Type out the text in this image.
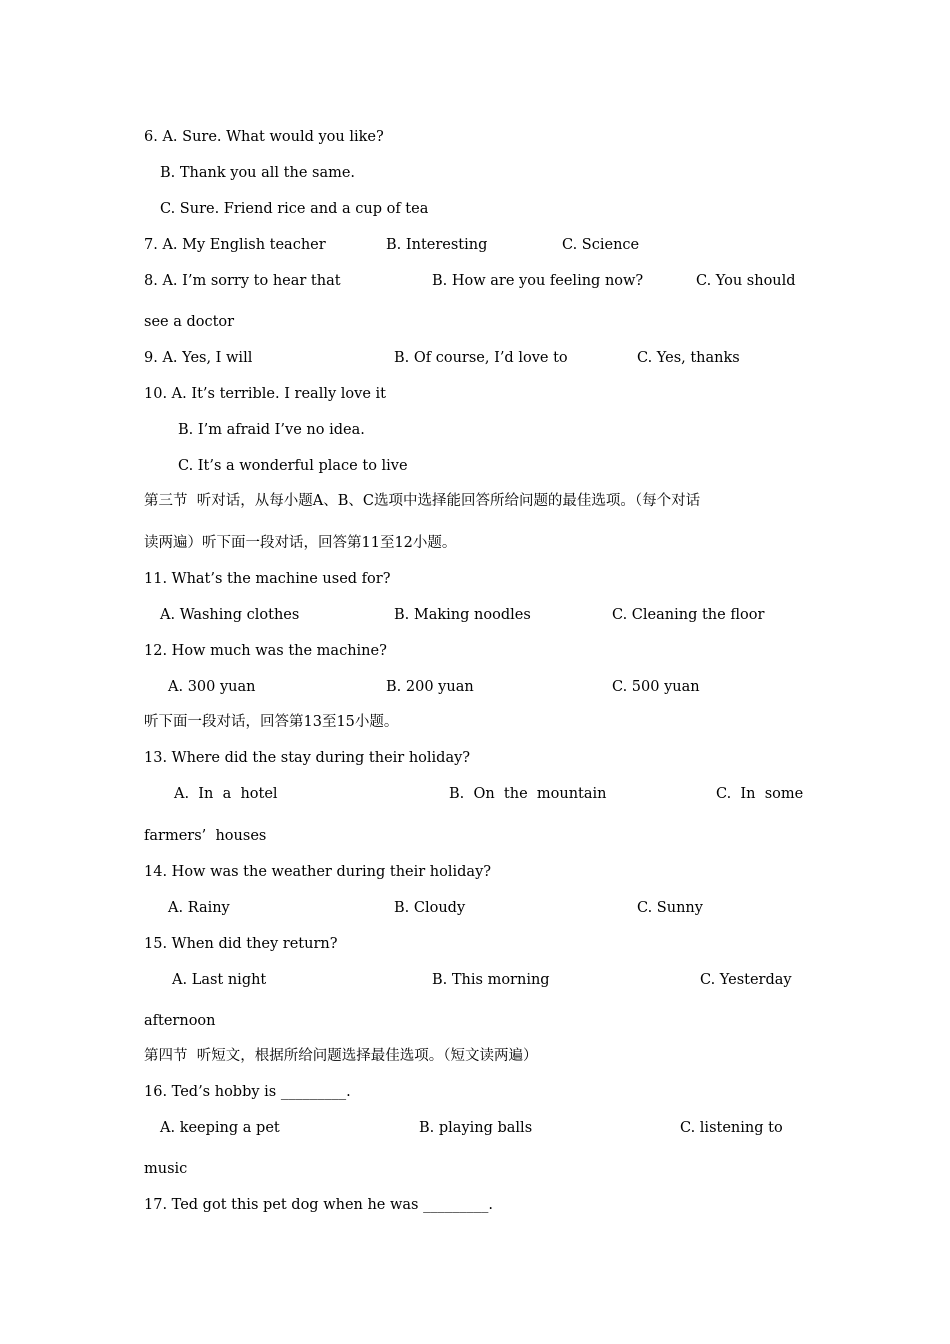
6. A. Sure. What would you like?

B. Thank you all the same.

C. Sure. Friend rice and a cup of tea

7. A. My English teacher	B. Interesting	C. Science

8. A. I’m sorry to hear that	B. How are you feeling now?	C. You should

see a doctor

9. A. Yes, I will	B. Of course, I’d love to	C. Yes, thanks

10. A. It’s terrible. I really love it

B. I’m afraid I’ve no idea.

C. It’s a wonderful place to live

第三节  听对话，从每小题A、B、C选项中选择能回答所给问题的最佳选项。（每个对话

读两遍）听下面一段对话，回答第11至12小题。

11. What’s the machine used for?

A. Washing clothes	B. Making noodles	C. Cleaning the floor

12. How much was the machine?

A. 300 yuan	B. 200 yuan	C. 500 yuan

听下面一段对话，回答第13至15小题。

13. Where did the stay during their holiday?

A.  In  a  hotel	B.  On  the  mountain	C.  In  some

farmers’  houses

14. How was the weather during their holiday?

A. Rainy	B. Cloudy	C. Sunny

15. When did they return?

A. Last night	B. This morning	C. Yesterday

afternoon

第四节  听短文，根据所给问题选择最佳选项。（短文读两遍）

16. Ted’s hobby is _________.

A. keeping a pet	B. playing balls	C. listening to

music

17. Ted got this pet dog when he was _________.
